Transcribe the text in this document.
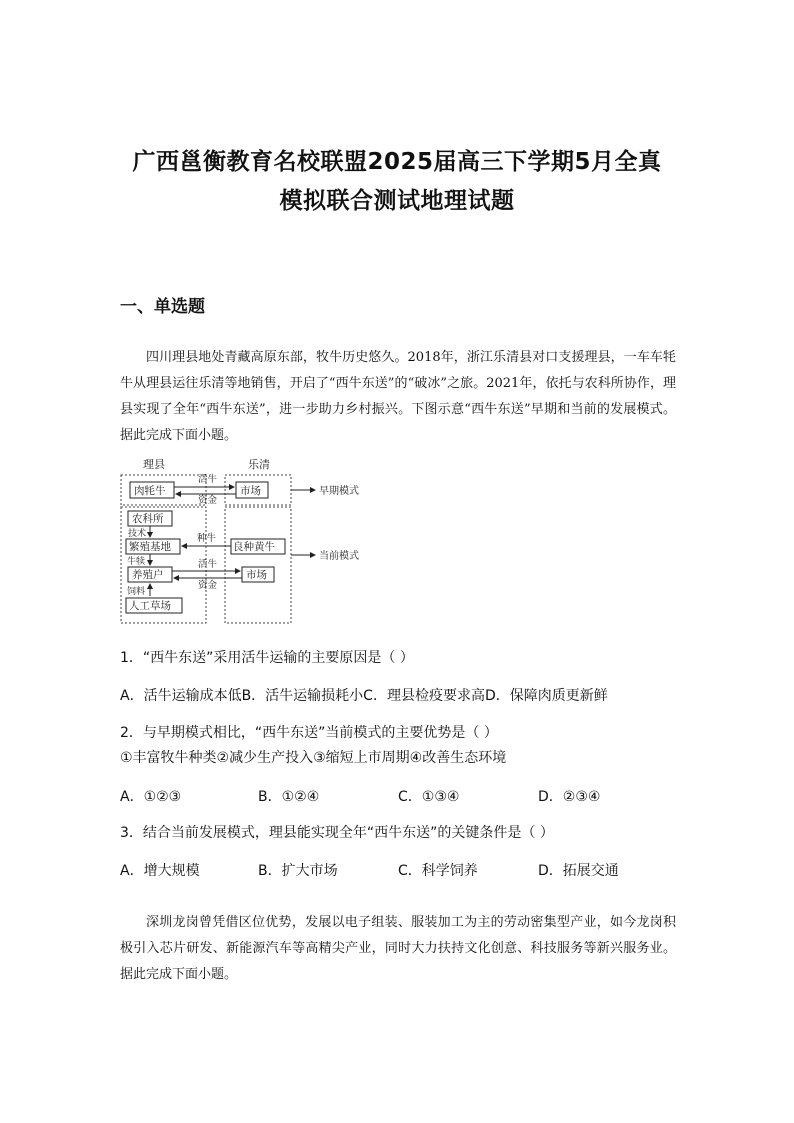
广西邕衡教育名校联盟2025届高三下学期5月全真
模拟联合测试地理试题
一、单选题
四川理县地处青藏高原东部，牧牛历史悠久。2018年，浙江乐清县对口支援理县，一车车牦牛从理县运往乐清等地销售，开启了“西牛东送”的“破冰”之旅。2021年，依托与农科所协作，理县实现了全年“西牛东送”，进一步助力乡村振兴。下图示意“西牛东送”早期和当前的发展模式。据此完成下面小题。
理县	乐清
肉牦牛	市场
活牛
资金
早期模式
农科所
技术
繁殖基地	良种黄牛
种牛
当前模式
牛犊
养殖户	市场
活牛
资金
饲料
人工草场
1．“西牛东送”采用活牛运输的主要原因是（ ）
A．活牛运输成本低B．活牛运输损耗小C．理县检疫要求高D．保障肉质更新鲜
2．与早期模式相比，“西牛东送”当前模式的主要优势是（ ）
①丰富牧牛种类②减少生产投入③缩短上市周期④改善生态环境
A．①②③	B．①②④	C．①③④	D．②③④
3．结合当前发展模式，理县能实现全年“西牛东送”的关键条件是（ ）
A．增大规模	B．扩大市场	C．科学饲养	D．拓展交通
深圳龙岗曾凭借区位优势，发展以电子组装、服装加工为主的劳动密集型产业，如今龙岗积极引入芯片研发、新能源汽车等高精尖产业，同时大力扶持文化创意、科技服务等新兴服务业。据此完成下面小题。
